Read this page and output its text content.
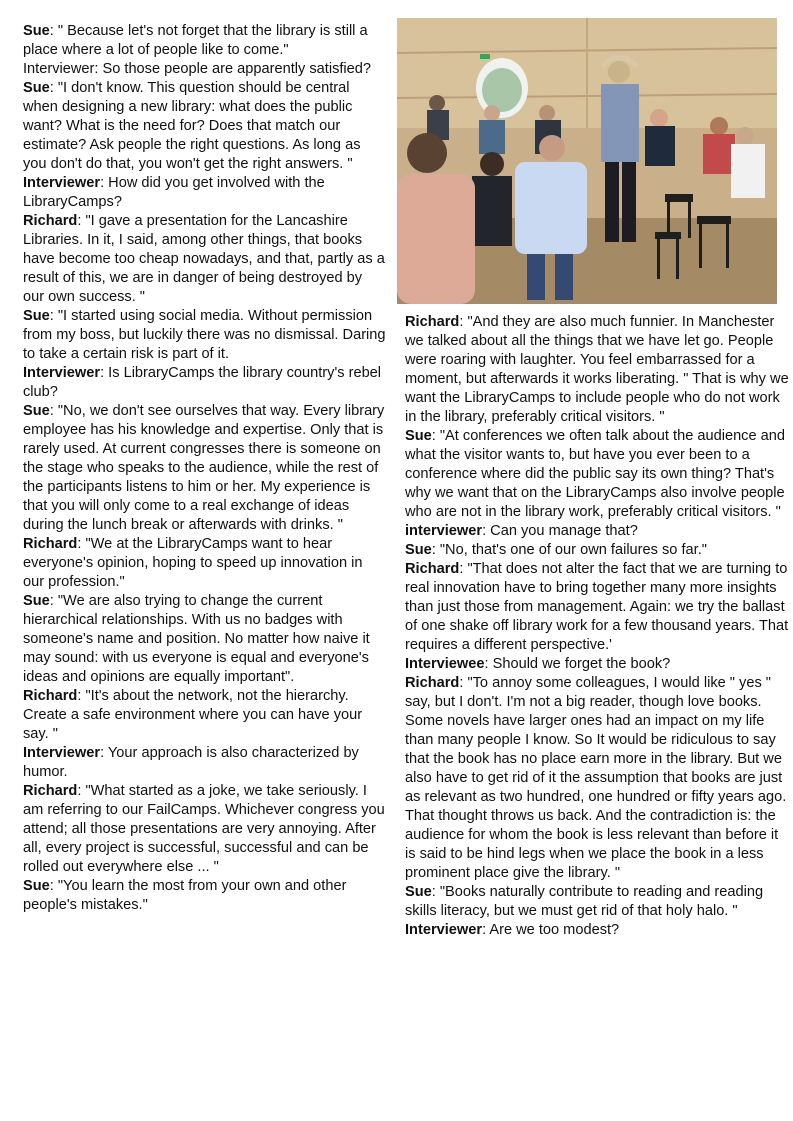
Sue: " Because let's not forget that the library is still a place where a lot of people like to come."

Interviewer: So those people are apparently satisfied?

Sue: "I don't know. This question should be central when designing a new library: what does the public want? What is the need for? Does that match our estimate? Ask people the right questions. As long as you don't do that, you won't get the right answers. "

Interviewer: How did you get involved with the LibraryCamps?

Richard: "I gave a presentation for the Lancashire Libraries. In it, I said, among other things, that books have become too cheap nowadays, and that, partly as a result of this, we are in danger of being destroyed by our own success. "

Sue: "I started using social media. Without permission from my boss, but luckily there was no dismissal. Daring to take a certain risk is part of it.

Interviewer: Is LibraryCamps the library country's rebel club?

Sue: "No, we don't see ourselves that way. Every library employee has his knowledge and expertise. Only that is rarely used. At current congresses there is someone on the stage who speaks to the audience, while the rest of the participants listens to him or her. My experience is that you will only come to a real exchange of ideas during the lunch break or afterwards with drinks. "

Richard: "We at the LibraryCamps want to hear everyone's opinion, hoping to speed up innovation in our profession."

Sue: "We are also trying to change the current hierarchical relationships. With us no badges with someone's name and position. No matter how naive it may sound: with us everyone is equal and everyone's ideas and opinions are equally important".

Richard: "It's about the network, not the hierarchy. Create a safe environment where you can have your say. "

Interviewer: Your approach is also characterized by humor.

Richard: "What started as a joke, we take seriously. I am referring to our FailCamps. Whichever congress you attend; all those presentations are very annoying. After all, every project is successful, successful and can be rolled out everywhere else ... "

Sue: "You learn the most from your own and other people's mistakes."

Richard: "And they are also much funnier. In Manchester we talked about all the things that we have let go. People were roaring with laughter. You feel embarrassed for a moment, but afterwards it works liberating. " That is why we want the LibraryCamps to include people who do not work in the library, preferably critical visitors. "

Sue: "At conferences we often talk about the audience and what the visitor wants to, but have you ever been to a conference where did the public say its own thing? That's why we want that on the LibraryCamps also involve people who are not in the library work, preferably critical visitors. "

interviewer: Can you manage that?

Sue: "No, that's one of our own failures so far."

Richard: "That does not alter the fact that we are turning to real innovation have to bring together many more insights than just those from management. Again: we try the ballast of one shake off library work for a few thousand years. That requires a different perspective.'

Interviewee: Should we forget the book?

Richard: "To annoy some colleagues, I would like " yes " say, but I don't. I'm not a big reader, though love books. Some novels have larger ones had an impact on my life than many people I know. So It would be ridiculous to say that the book has no place earn more in the library. But we also have to get rid of it the assumption that books are just as relevant as two hundred, one hundred or fifty years ago. That thought throws us back. And the contradiction is: the audience for whom the book is less relevant than before it is said to be hind legs when we place the book in a less prominent place give the library. "

Sue: "Books naturally contribute to reading and reading skills literacy, but we must get rid of that holy halo. "

Interviewer: Are we too modest?
